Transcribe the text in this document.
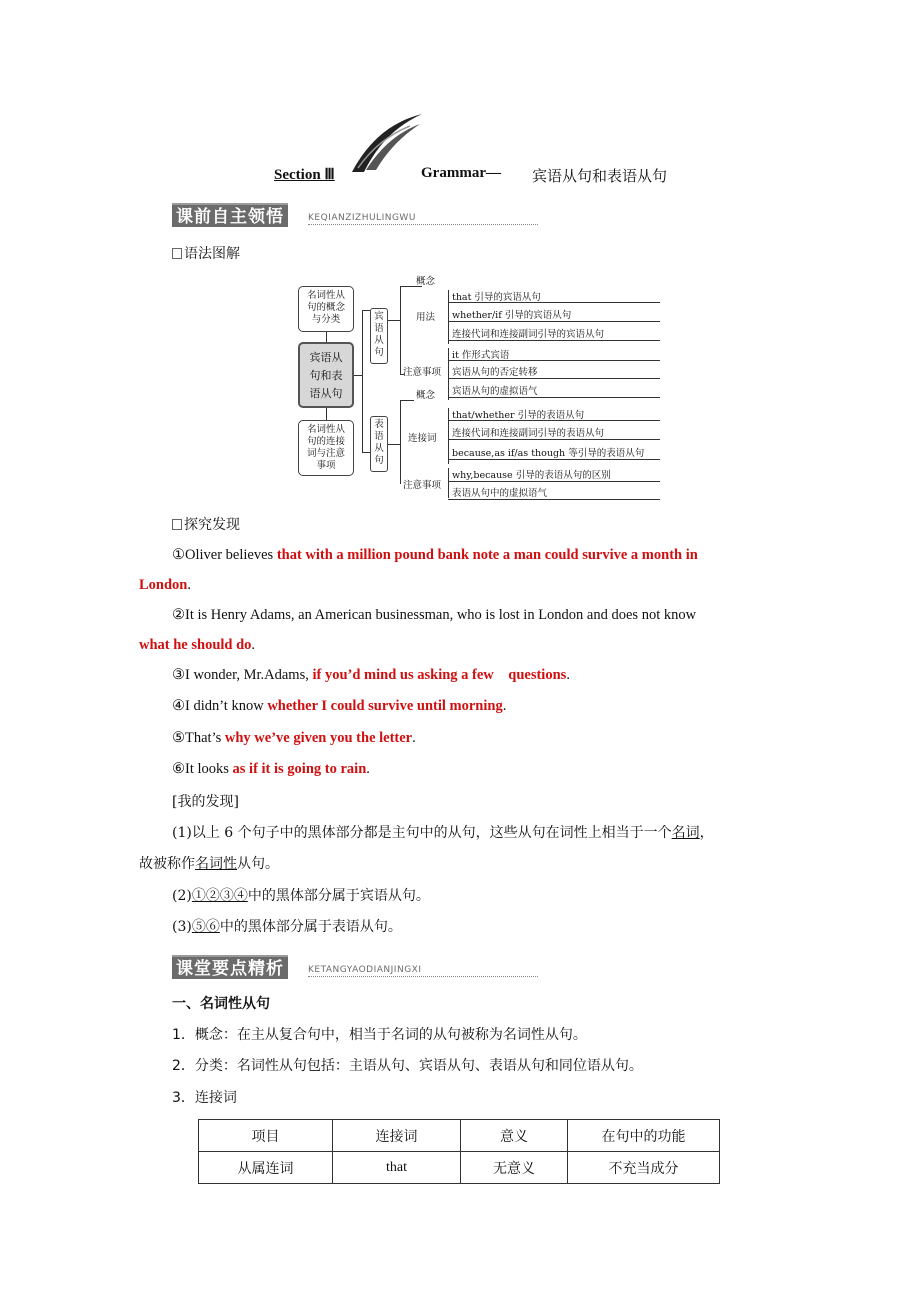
Section Ⅲ	Grammar— 宾语从句和表语从句
课前自主领悟	KEQIANZIZHULINGWU
语法图解
名词性从
句的概念
与分类
宾语从
句和表
语从句
名词性从
句的连接
词与注意
事项
宾
语
从
句
概念
用法
注意事项
that 引导的宾语从句
whether/if 引导的宾语从句
连接代词和连接副词引导的宾语从句
it 作形式宾语
宾语从句的否定转移
宾语从句的虚拟语气
表
语
从
句
概念
连接词
注意事项
that/whether 引导的表语从句
连接代词和连接副词引导的表语从句
because,as if/as though 等引导的表语从句
why,because 引导的表语从句的区别
表语从句中的虚拟语气
探究发现
①Oliver believes that with a million pound bank note a man could survive a month in
London.
②It is Henry Adams, an American businessman, who is lost in London and does not know
what he should do.
③I wonder, Mr.Adams, if you’d mind us asking a few　questions.
④I didn’t know whether I could survive until morning.
⑤That’s why we’ve given you the letter.
⑥It looks as if it is going to rain.
[我的发现]
(1)以上 6 个句子中的黑体部分都是主句中的从句，这些从句在词性上相当于一个名词，
故被称作名词性从句。
(2)①②③④中的黑体部分属于宾语从句。
(3)⑤⑥中的黑体部分属于表语从句。
课堂要点精析	KETANGYAODIANJINGXI
一、名词性从句
1．概念：在主从复合句中，相当于名词的从句被称为名词性从句。
2．分类：名词性从句包括：主语从句、宾语从句、表语从句和同位语从句。
3．连接词
项目	连接词	意义	在句中的功能
从属连词	that	无意义	不充当成分
